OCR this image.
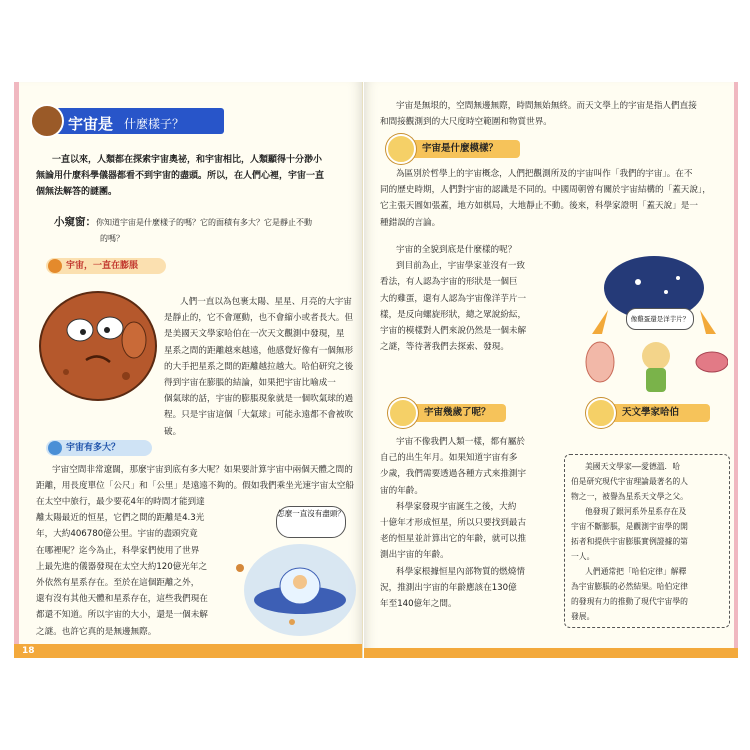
宇宙是 什麼樣子？
一直以來，人類都在探索宇宙奧祕，和宇宙相比，人類顯得十分渺小
無論用什麼科學儀器都看不到宇宙的盡頭。所以，在人們心裡，宇宙一直
個無法解答的謎團。
小窺窗：你知道宇宙是什麼樣子的嗎？它的面積有多大？它是靜止不動
的嗎？
宇宙，一直在膨脹
人們一直以為包裹太陽、星星、月亮的大宇宙
是靜止的，它不會運動，也不會縮小或者長大。但
是美國天文學家哈伯在一次天文觀測中發現，星
星系之間的距離越來越遠，他感覺好像有一個無形
的大手把星系之間的距離越拉越大。哈伯研究之後
得到宇宙在膨脹的結論，如果把宇宙比喻成一
個氣球的話，宇宙的膨脹現象就是一個吹氣球的過
程。只是宇宙這個「大氣球」可能永遠都不會被吹
破。
宇宙有多大？
宇宙空間非常遼闊，那麼宇宙到底有多大呢？如果要計算宇宙中兩個天體之間的
距離，用長度單位「公尺」和「公里」是遠遠不夠的。假如我們乘坐光速宇宙太空船
在太空中旅行，最少要花4年的時間才能到達
離太陽最近的恒星，它們之間的距離是4.3光
年，大約406780億公里。宇宙的盡頭究竟
在哪裡呢？迄今為止，科學家們使用了世界
上最先進的儀器發現在太空大約120億光年之
外依然有星系存在。至於在這個距離之外，
還有沒有其他天體和星系存在，這些我們現在
都還不知道。所以宇宙的大小，還是一個未解
之謎。也許它真的是無邊無際。
怎麼一直沒有盡頭？
18
宇宙是無垠的，空間無邊無際，時間無始無終。而天文學上的宇宙是指人們直接
和間接觀測到的大尺度時空範圍和物質世界。
宇宙是什麼模樣？
為區別於哲學上的宇宙概念，人們把觀測所及的宇宙叫作「我們的宇宙」。在不
同的歷史時期，人們對宇宙的認識是不同的。中國周朝曾有關於宇宙結構的「蓋天說」，
它主張天圓如張蓋，地方如棋局，大地靜止不動。後來，科學家證明「蓋天說」是一
種錯誤的言論。
宇宙的全貌到底是什麼樣的呢？
到目前為止，宇宙學家並沒有一致
看法，有人認為宇宙的形狀是一個巨
大的雞蛋，還有人認為宇宙像洋芋片一
樣，是反向螺旋形狀，總之眾說紛紜，
宇宙的模樣對人們來說仍然是一個未解
之謎，等待著我們去探索、發現。
像雞蛋還是洋芋片？
宇宙幾歲了呢？
宇宙不像我們人類一樣，都有屬於
自己的出生年月。如果知道宇宙有多
少歲，我們需要透過各種方式來推測宇
宙的年齡。
科學家發現宇宙誕生之後，大約
十億年才形成恒星，所以只要找到最古
老的恒星並計算出它的年齡，就可以推
測出宇宙的年齡。
科學家根據恒星內部物質的燃燒情
況，推測出宇宙的年齡應該在130億
年至140億年之間。
天文學家哈伯
美國天文學家——愛德溫．哈
伯是研究現代宇宙理論最著名的人
物之一，被譽為星系天文學之父。
他發現了銀河系外星系存在及
宇宙不斷膨脹，是觀測宇宙學的開
拓者和提供宇宙膨脹實例證據的第
一人。
人們通常把「哈伯定律」解釋
為宇宙膨脹的必然結果。哈伯定律
的發現有力的推動了現代宇宙學的
發展。
